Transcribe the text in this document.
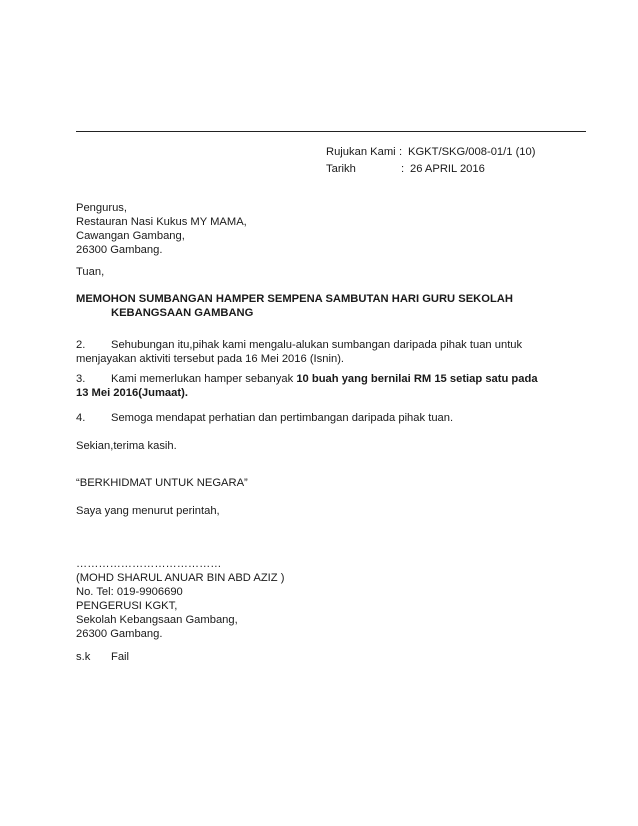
Rujukan Kami : KGKT/SKG/008-01/1 (10)
Tarikh	: 26 APRIL 2016
Pengurus,
Restauran Nasi Kukus MY MAMA,
Cawangan Gambang,
26300 Gambang.
Tuan,
MEMOHON SUMBANGAN HAMPER SEMPENA SAMBUTAN HARI GURU SEKOLAH
KEBANGSAAN GAMBANG
2. Sehubungan itu,pihak kami mengalu-alukan sumbangan daripada pihak tuan untuk
menjayakan aktiviti tersebut pada 16 Mei 2016 (Isnin).
3. Kami memerlukan hamper sebanyak 10 buah yang bernilai RM 15 setiap satu pada
13 Mei 2016(Jumaat).
4. Semoga mendapat perhatian dan pertimbangan daripada pihak tuan.
Sekian,terima kasih.
“BERKHIDMAT UNTUK NEGARA”
Saya yang menurut perintah,
…………………………………
(MOHD SHARUL ANUAR BIN ABD AZIZ )
No. Tel: 019-9906690
PENGERUSI KGKT,
Sekolah Kebangsaan Gambang,
26300 Gambang.
s.k	Fail
